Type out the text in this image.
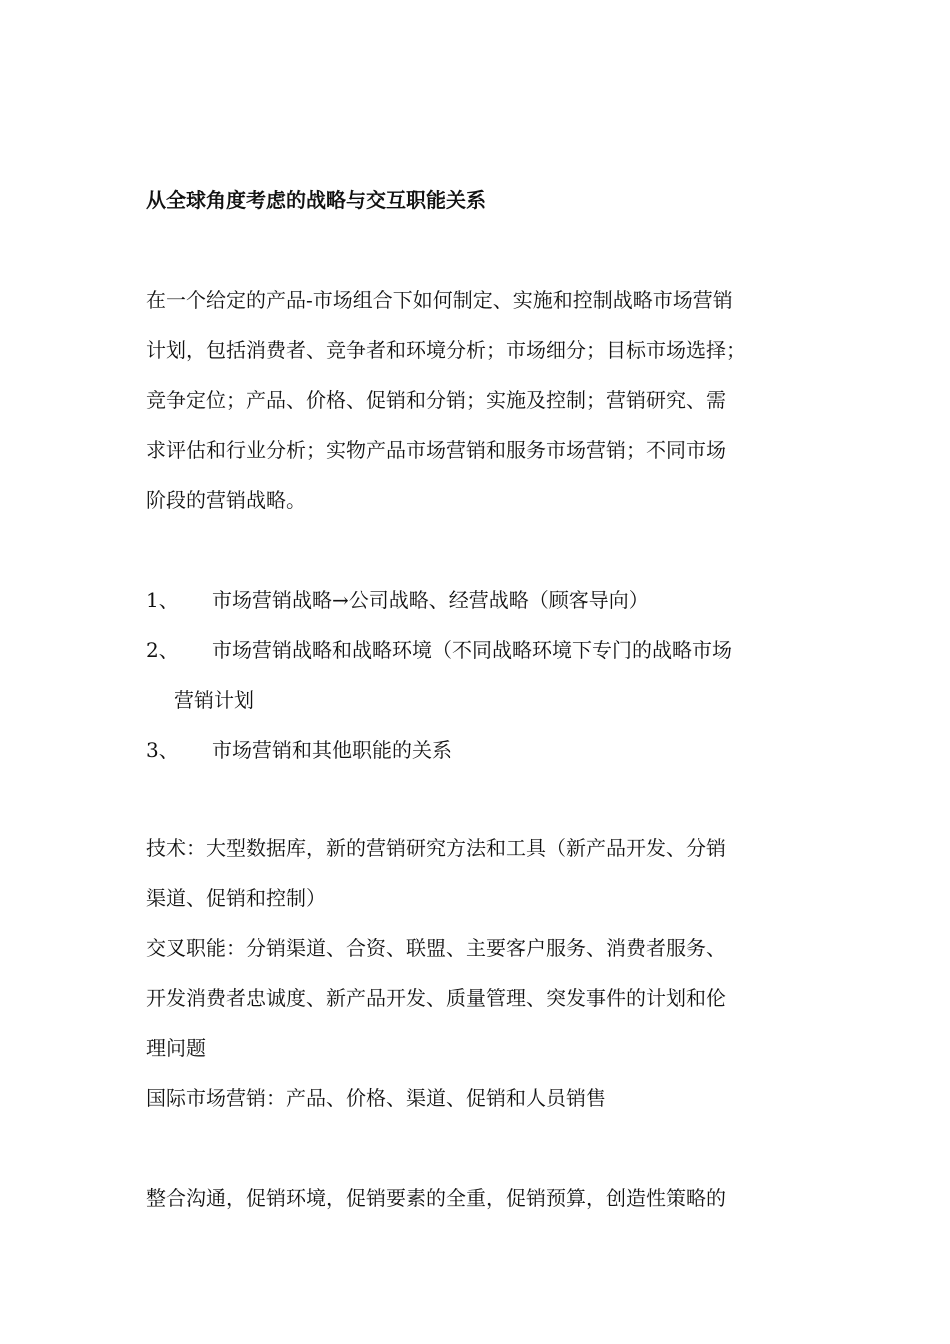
从全球角度考虑的战略与交互职能关系
在一个给定的产品-市场组合下如何制定、实施和控制战略市场营销
计划，包括消费者、竞争者和环境分析；市场细分；目标市场选择；
竞争定位；产品、价格、促销和分销；实施及控制；营销研究、需
求评估和行业分析；实物产品市场营销和服务市场营销；不同市场
阶段的营销战略。
1、	市场营销战略→公司战略、经营战略（顾客导向）
2、	市场营销战略和战略环境（不同战略环境下专门的战略市场
营销计划
3、	市场营销和其他职能的关系
技术：大型数据库，新的营销研究方法和工具（新产品开发、分销
渠道、促销和控制）
交叉职能：分销渠道、合资、联盟、主要客户服务、消费者服务、
开发消费者忠诚度、新产品开发、质量管理、突发事件的计划和伦
理问题
国际市场营销：产品、价格、渠道、促销和人员销售
整合沟通，促销环境，促销要素的全重，促销预算，创造性策略的
